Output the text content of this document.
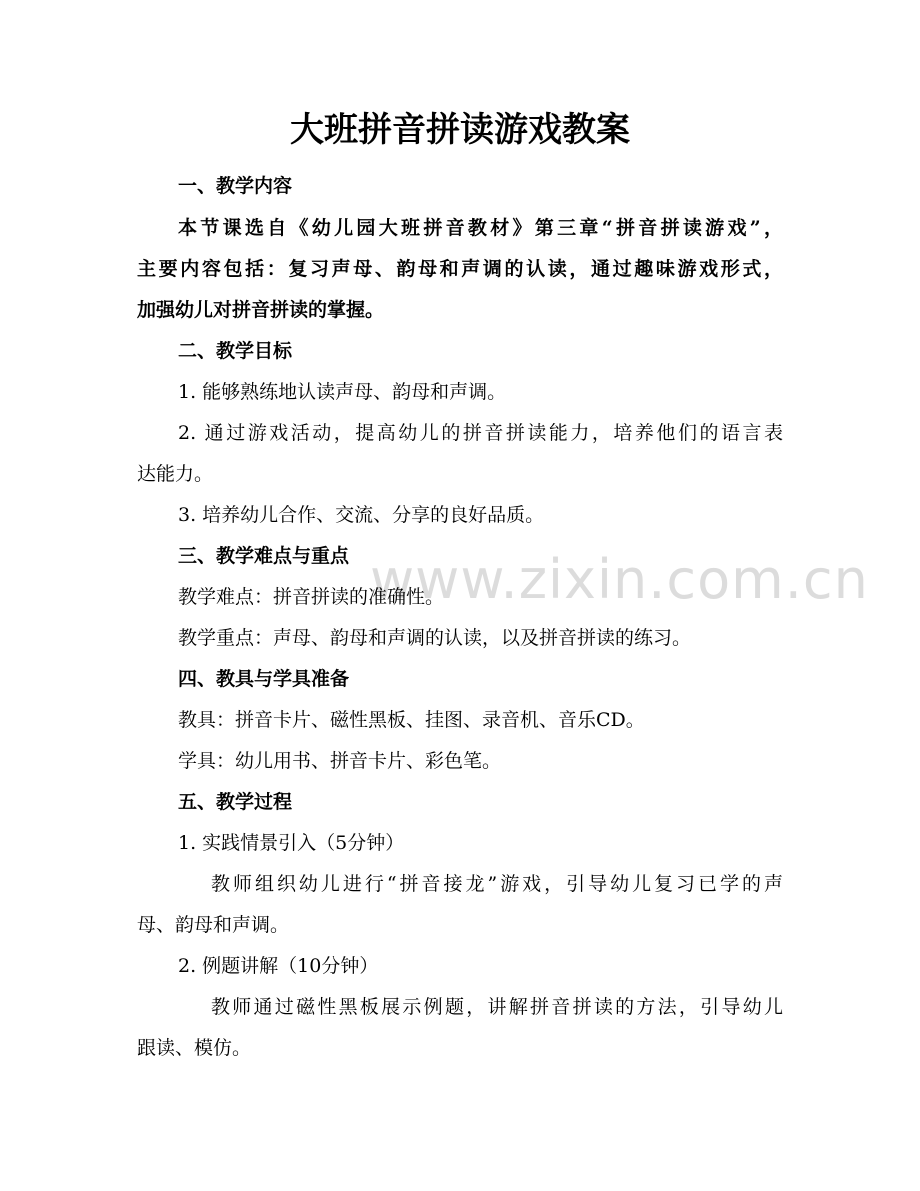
www.zixin.com.cn
大班拼音拼读游戏教案
一、教学内容
本节课选自《幼儿园大班拼音教材》第三章“拼音拼读游戏”，
主要内容包括：复习声母、韵母和声调的认读，通过趣味游戏形式，
加强幼儿对拼音拼读的掌握。
二、教学目标
1. 能够熟练地认读声母、韵母和声调。
2. 通过游戏活动，提高幼儿的拼音拼读能力，培养他们的语言表
达能力。
3. 培养幼儿合作、交流、分享的良好品质。
三、教学难点与重点
教学难点：拼音拼读的准确性。
教学重点：声母、韵母和声调的认读，以及拼音拼读的练习。
四、教具与学具准备
教具：拼音卡片、磁性黑板、挂图、录音机、音乐CD。
学具：幼儿用书、拼音卡片、彩色笔。
五、教学过程
1. 实践情景引入（5分钟）
教师组织幼儿进行“拼音接龙”游戏，引导幼儿复习已学的声
母、韵母和声调。
2. 例题讲解（10分钟）
教师通过磁性黑板展示例题，讲解拼音拼读的方法，引导幼儿
跟读、模仿。
